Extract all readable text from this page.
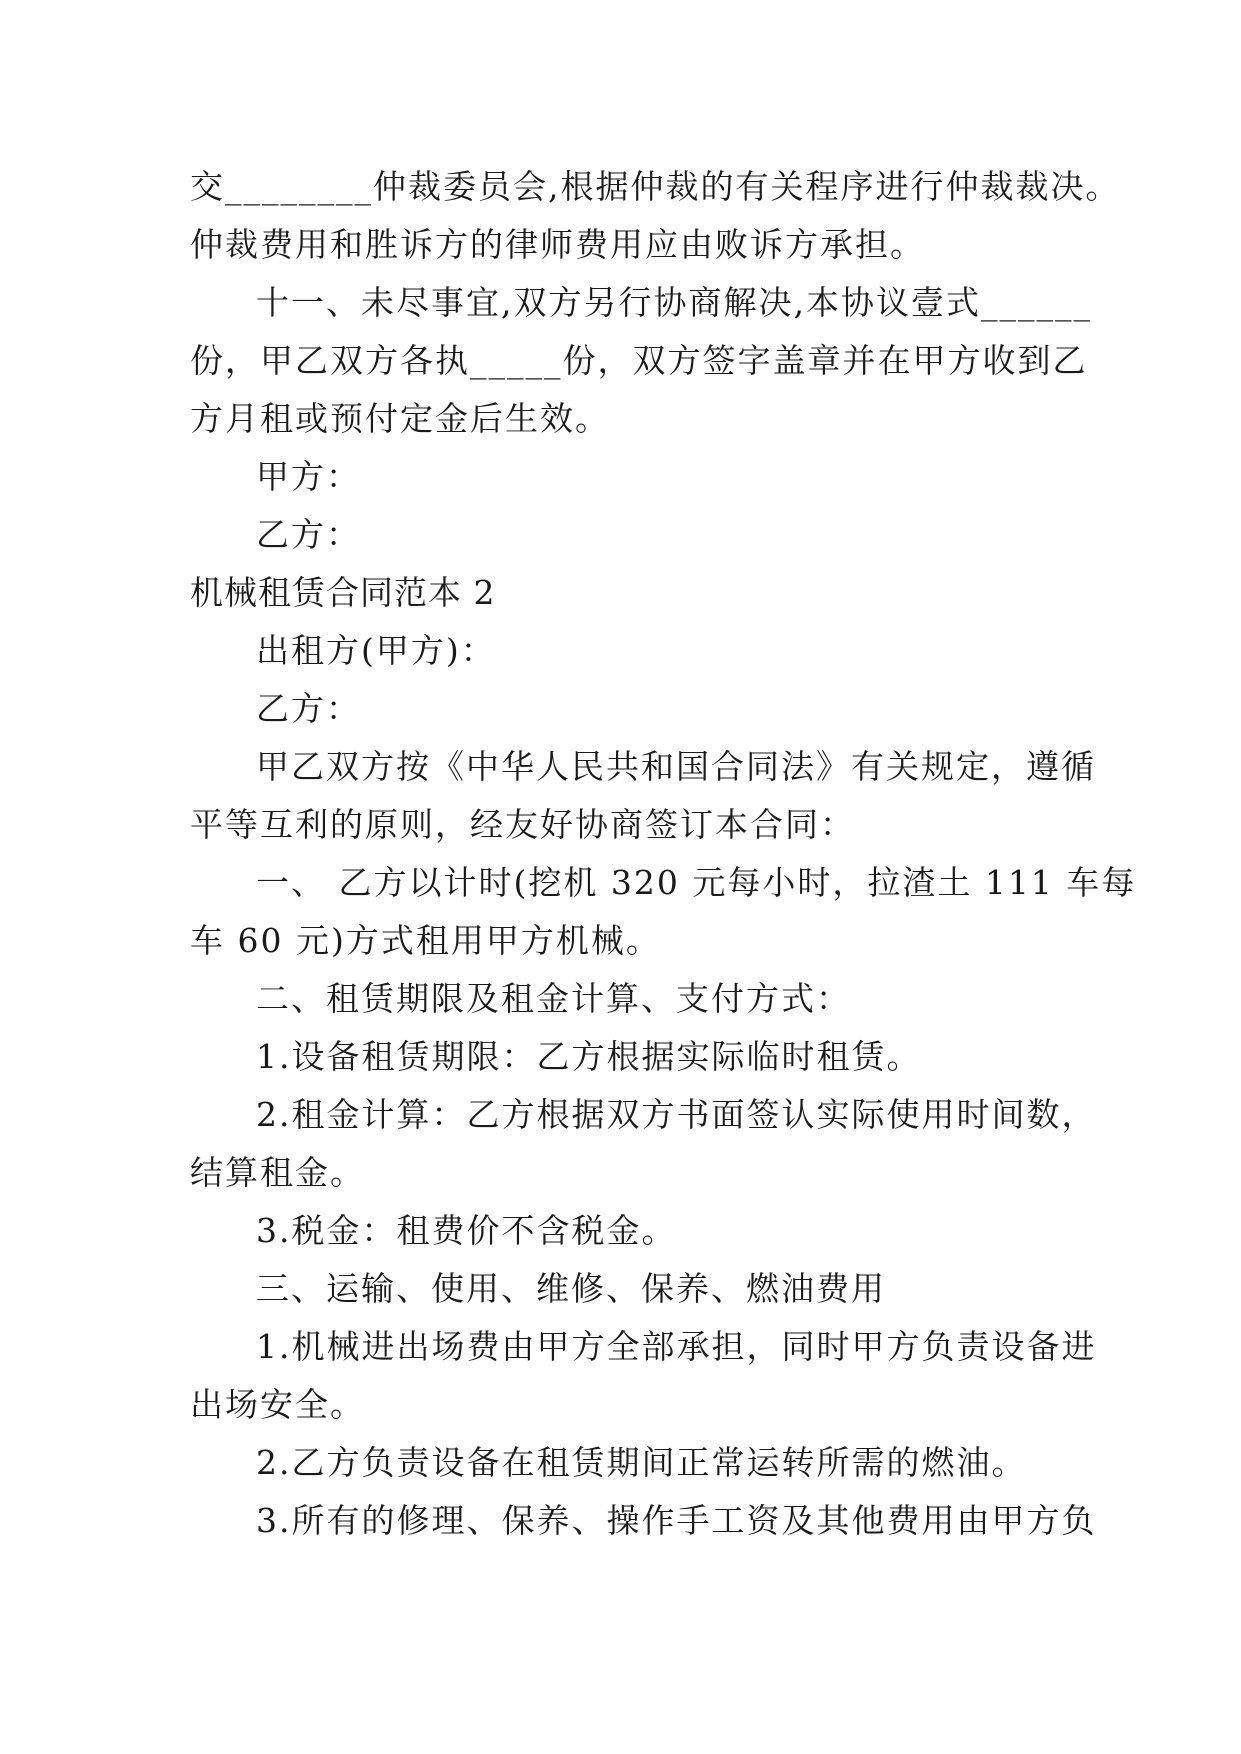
交________仲裁委员会,根据仲裁的有关程序进行仲裁裁决。
仲裁费用和胜诉方的律师费用应由败诉方承担。
十一、未尽事宜,双方另行协商解决,本协议壹式______
份，甲乙双方各执_____份，双方签字盖章并在甲方收到乙
方月租或预付定金后生效。
甲方：
乙方：
机械租赁合同范本 2
出租方(甲方)：
乙方：
甲乙双方按《中华人民共和国合同法》有关规定，遵循
平等互利的原则，经友好协商签订本合同：
一、 乙方以计时(挖机 320 元每小时，拉渣土 111 车每
车 60 元)方式租用甲方机械。
二、租赁期限及租金计算、支付方式：
1.设备租赁期限：乙方根据实际临时租赁。
2.租金计算：乙方根据双方书面签认实际使用时间数，
结算租金。
3.税金：租费价不含税金。
三、运输、使用、维修、保养、燃油费用
1.机械进出场费由甲方全部承担，同时甲方负责设备进
出场安全。
2.乙方负责设备在租赁期间正常运转所需的燃油。
3.所有的修理、保养、操作手工资及其他费用由甲方负
